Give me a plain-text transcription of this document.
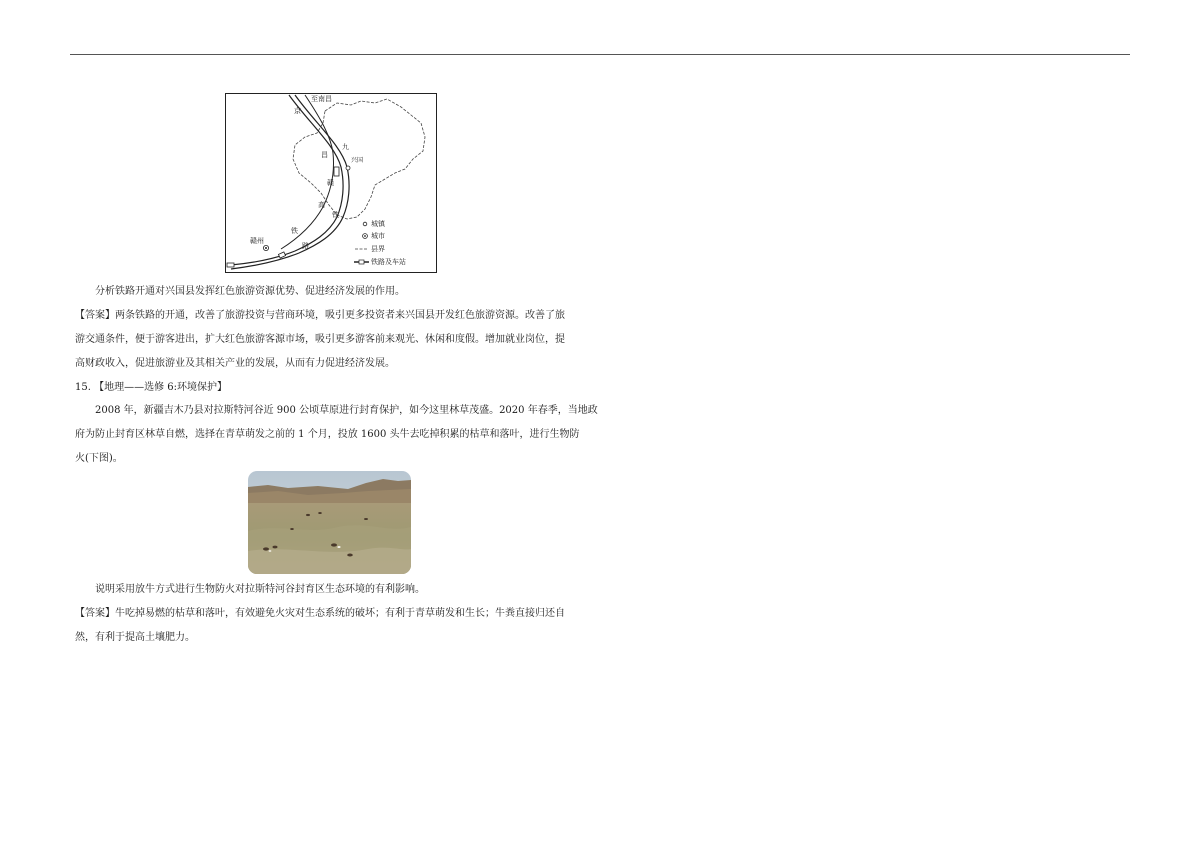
至南昌
京
九
兴国
昌
赣
高
铁
赣州
铁
路
城镇
城市
县界
铁路及车站
分析铁路开通对兴国县发挥红色旅游资源优势、促进经济发展的作用。
【答案】两条铁路的开通，改善了旅游投资与营商环境，吸引更多投资者来兴国县开发红色旅游资源。改善了旅
游交通条件，便于游客进出，扩大红色旅游客源市场，吸引更多游客前来观光、休闲和度假。增加就业岗位，提
高财政收入，促进旅游业及其相关产业的发展，从而有力促进经济发展。
15. 【地理——选修 6:环境保护】
2008 年，新疆吉木乃县对拉斯特河谷近 900 公顷草原进行封育保护，如今这里林草茂盛。2020 年春季，当地政
府为防止封育区林草自燃，选择在青草萌发之前的 1 个月，投放 1600 头牛去吃掉积累的枯草和落叶，进行生物防
火(下图)。
说明采用放牛方式进行生物防火对拉斯特河谷封育区生态环境的有利影响。
【答案】牛吃掉易燃的枯草和落叶，有效避免火灾对生态系统的破坏；有利于青草萌发和生长；牛粪直接归还自
然，有利于提高土壤肥力。
